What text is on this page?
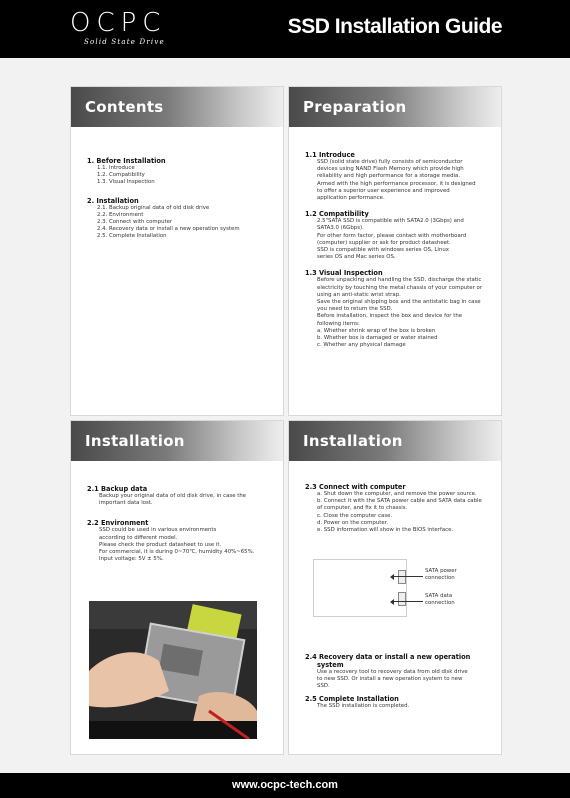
OCPC
Solid State Drive
SSD Installation Guide
Contents
1. Before Installation
1.1. Introduce
1.2. Compatibility
1.3. Visual Inspection
2. Installation
2.1. Backup original data of old disk drive
2.2. Environment
2.3. Connect with computer
2.4. Recovery data or install a new operation system
2.5. Complete Installation
Preparation
1.1 Introduce
SSD (solid state drive) fully consists of semiconductor
devices using NAND Flash Memory which provide high
reliability and high performance for a storage media.
Armed with the high performance processor, it is designed
to offer a superior user experience and improved
application performance.
1.2 Compatibility
2.5"SATA SSD is compatible with SATA2.0 (3Gbps) and
SATA3.0 (6Gbps).
For other form factor, please contact with motherboard
(computer) supplier or ask for product datasheet.
SSD is compatible with windows series OS, Linux
series OS and Mac series OS.
1.3 Visual Inspection
Before unpacking and handling the SSD, discharge the static
electricity by touching the metal chassis of your computer or
using an anti-static wrist strap.
Save the original shipping box and the antistatic bag in case
you need to return the SSD.
Before installation, inspect the box and device for the
following items:
a. Whether shrink wrap of the box is broken
b. Whether box is damaged or water stained
c. Whether any physical damage
Installation
2.1 Backup data
Backup your original data of old disk drive, in case the
important data lost.
2.2 Environment
SSD could be used in various environments
according to different model.
Please check the product datasheet to use it.
For commercial, it is during 0~70℃, humidity 40%~65%.
Input voltage: 5V ± 5%.
Installation
2.3 Connect with computer
a. Shut down the computer, and remove the power source.
b. Connect it with the SATA power cable and SATA data cable
of computer, and fix it to chassis.
c. Close the computer case.
d. Power on the computer.
e. SSD information will show in the BIOS interface.
SATA power
connection
SATA data
connection
2.4 Recovery data or install a new operation
system
Use a recovery tool to recovery data from old disk drive
to new SSD. Or install a new operation system to new
SSD.
2.5 Complete Installation
The SSD installation is completed.
www.ocpc-tech.com
